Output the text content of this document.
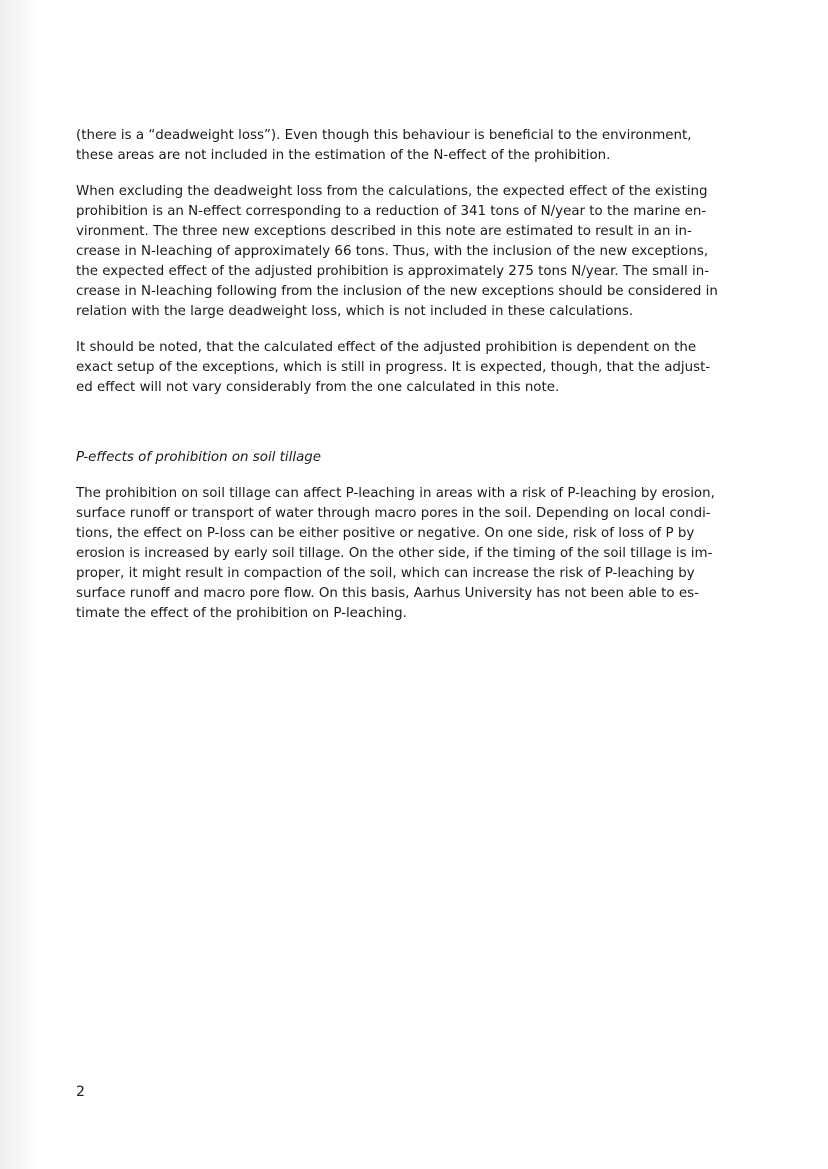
(there is a “deadweight loss”). Even though this behaviour is beneficial to the environment,
these areas are not included in the estimation of the N-effect of the prohibition.

When excluding the deadweight loss from the calculations, the expected effect of the existing
prohibition is an N-effect corresponding to a reduction of 341 tons of N/year to the marine en-
vironment. The three new exceptions described in this note are estimated to result in an in-
crease in N-leaching of approximately 66 tons. Thus, with the inclusion of the new exceptions,
the expected effect of the adjusted prohibition is approximately 275 tons N/year. The small in-
crease in N-leaching following from the inclusion of the new exceptions should be considered in
relation with the large deadweight loss, which is not included in these calculations.

It should be noted, that the calculated effect of the adjusted prohibition is dependent on the
exact setup of the exceptions, which is still in progress. It is expected, though, that the adjust-
ed effect will not vary considerably from the one calculated in this note.

P-effects of prohibition on soil tillage

The prohibition on soil tillage can affect P-leaching in areas with a risk of P-leaching by erosion,
surface runoff or transport of water through macro pores in the soil. Depending on local condi-
tions, the effect on P-loss can be either positive or negative. On one side, risk of loss of P by
erosion is increased by early soil tillage. On the other side, if the timing of the soil tillage is im-
proper, it might result in compaction of the soil, which can increase the risk of P-leaching by
surface runoff and macro pore flow. On this basis, Aarhus University has not been able to es-
timate the effect of the prohibition on P-leaching.

2
